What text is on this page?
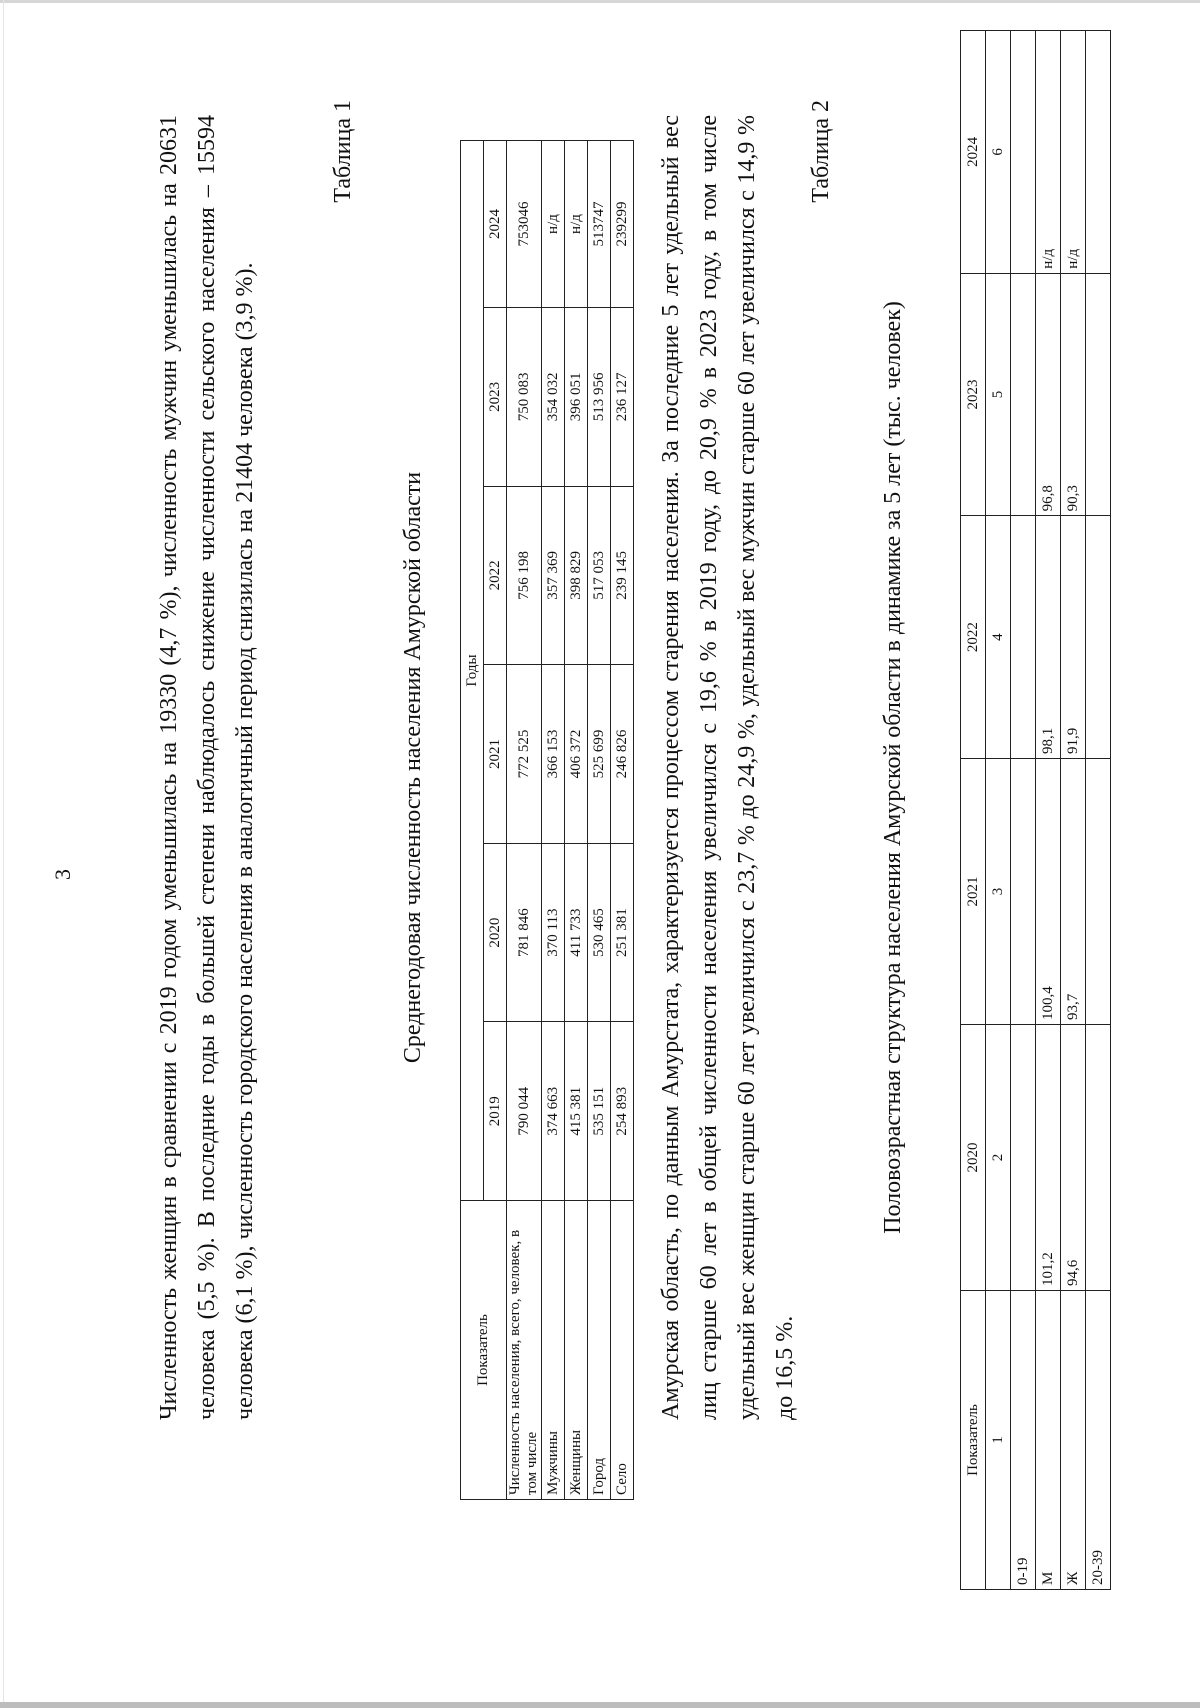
3	Численность женщин в сравнении с 2019 годом уменьшилась на 19330 (4,7 %), численность мужчин уменьшилась на 20631 человека (5,5 %). В последние годы в большей степени наблюдалось снижение численности сельского населения – 15594 человека (6,1 %), численность городского населения в аналогичный период снизилась на 21404 человека (3,9 %).

Таблица 1
Среднегодовая численность населения Амурской области
Показатель	Годы					
	2019	2020	2021	2022	2023	2024
Численность населения, всего, человек, в том числе	790 044	781 846	772 525	756 198	750 083	753046
Мужчины	374 663	370 113	366 153	357 369	354 032	н/д
Женщины	415 381	411 733	406 372	398 829	396 051	н/д
Город	535 151	530 465	525 699	517 053	513 956	513747
Село	254 893	251 381	246 826	239 145	236 127	239299 Амурская область, по данным Амурстата, характеризуется процессом старения населения. За последние 5 лет удельный вес лиц старше 60 лет в общей численности населения увеличился с 19,6 % в 2019 году, до 20,9 % в 2023 году, в том числе удельный вес женщин старше 60 лет увеличился с 23,7 % до 24,9 %, удельный вес мужчин старше 60 лет увеличился с 14,9 % до 16,5 %.

Таблица 2
Половозрастная структура населения Амурской области в динамике за 5 лет (тыс. человек)
Показатель	2020	2021	2022	2023	2024
1	2	3	4	5	6
0-19					
М	101,2	100,4	98,1	96,8	н/д
Ж	94,6	93,7	91,9	90,3	н/д
20-39					
